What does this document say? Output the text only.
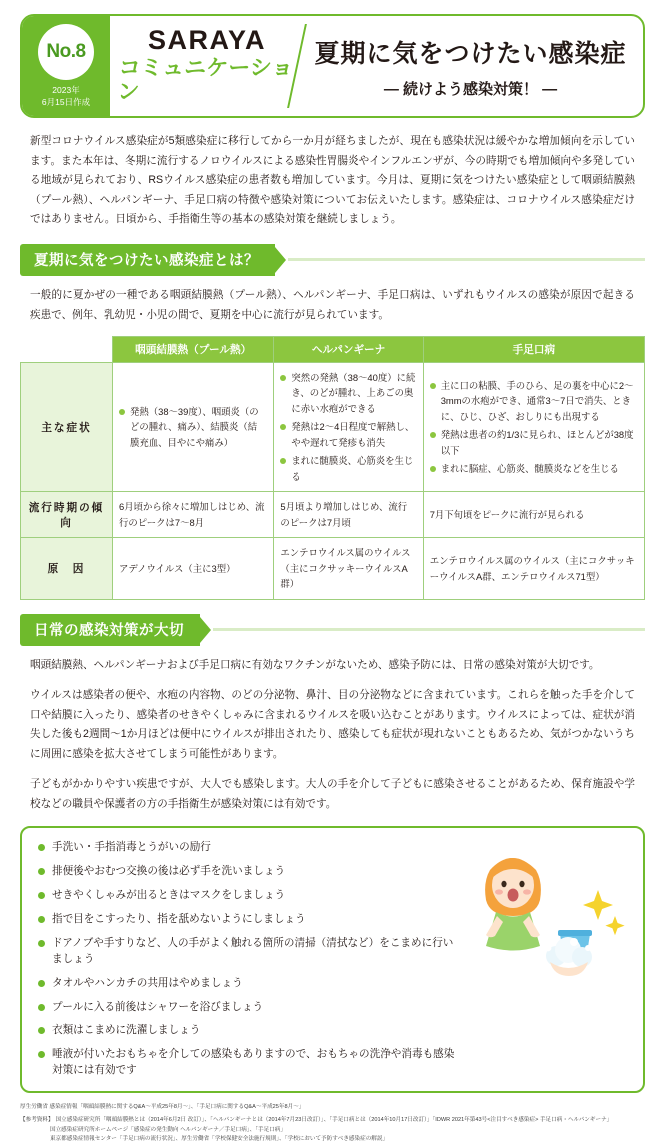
No.8
2023年
6月15日作成
SARAYA
コミュニケーション
夏期に気をつけたい感染症
— 続けよう感染対策！ —

新型コロナウイルス感染症が5類感染症に移行してから一か月が経ちましたが、現在も感染状況は緩やかな増加傾向を示しています。また本年は、冬期に流行するノロウイルスによる感染性胃腸炎やインフルエンザが、今の時期でも増加傾向や多発している地域が見られており、RSウイルス感染症の患者数も増加しています。今月は、夏期に気をつけたい感染症として咽頭結膜熱（プール熱）、ヘルパンギーナ、手足口病の特徴や感染対策についてお伝えいたします。感染症は、コロナウイルス感染症だけではありません。日頃から、手指衛生等の基本の感染対策を継続しましょう。

夏期に気をつけたい感染症とは？

一般的に夏かぜの一種である咽頭結膜熱（プール熱）、ヘルパンギーナ、手足口病は、いずれもウイルスの感染が原因で起きる疾患で、例年、乳幼児・小児の間で、夏期を中心に流行が見られています。

	咽頭結膜熱（プール熱）	ヘルパンギーナ	手足口病
主な症状	
発熱（38～39度）、咽頭炎（のどの腫れ、痛み）、結膜炎（結膜充血、目やにや痛み）

突然の発熱（38～40度）に続き、のどが腫れ、上あごの奥に赤い水疱ができる
発熱は2～4日程度で解熱し、やや遅れて発疹も消失
まれに髄膜炎、心筋炎を生じる

主に口の粘膜、手のひら、足の裏を中心に2～3mmの水疱ができ、通常3～7日で消失、ときに、ひじ、ひざ、おしりにも出現する
発熱は患者の約1/3に見られ、ほとんどが38度以下
まれに脳症、心筋炎、髄膜炎などを生じる

流行時期の傾向	6月頃から徐々に増加しはじめ、流行のピークは7～8月	5月頃より増加しはじめ、流行のピークは7月頃	7月下旬頃をピークに流行が見られる
原　因	アデノウイルス（主に3型）	エンテロウイルス属のウイルス（主にコクサッキーウイルスA群）	エンテロウイルス属のウイルス（主にコクサッキーウイルスA群、エンテロウイルス71型）
日常の感染対策が大切

咽頭結膜熱、ヘルパンギーナおよび手足口病に有効なワクチンがないため、感染予防には、日常の感染対策が大切です。

ウイルスは感染者の便や、水疱の内容物、のどの分泌物、鼻汁、目の分泌物などに含まれています。これらを触った手を介して口や結膜に入ったり、感染者のせきやくしゃみに含まれるウイルスを吸い込むことがあります。ウイルスによっては、症状が消失した後も2週間～1か月ほどは便中にウイルスが排出されたり、感染しても症状が現れないこともあるため、気がつかないうちに周囲に感染を拡大させてしまう可能性があります。

子どもがかかりやすい疾患ですが、大人でも感染します。大人の手を介して子どもに感染させることがあるため、保育施設や学校などの職員や保護者の方の手指衛生が感染対策には有効です。

手洗い・手指消毒とうがいの励行
排便後やおむつ交換の後は必ず手を洗いましょう
せきやくしゃみが出るときはマスクをしましょう
指で目をこすったり、指を舐めないようにしましょう
ドアノブや手すりなど、人の手がよく触れる箇所の清掃（清拭など）をこまめに行いましょう
タオルやハンカチの共用はやめましょう
プールに入る前後はシャワーを浴びましょう
衣類はこまめに洗濯しましょう
唾液が付いたおもちゃを介しての感染もありますので、おもちゃの洗浄や消毒も感染対策には有効です
厚生労働省 感染症情報「咽頭結膜熱に関するQ&A～平成25年8月～」、「手足口病に関するQ&A～平成25年8月～」
【参考資料】 国立感染症研究所「咽頭結膜熱とは（2014年6月2日 改訂）」、「ヘルパンギーナとは（2014年7月23日改訂）」、「手足口病とは（2014年10月17日改訂）」「IDWR 2021年第43号<注目すべき感染症> 手足口病・ヘルパンギーナ」

国立感染症研究所ホームページ「感染症の発生動向 ヘルパンギーナ／手足口病」、「手足口病」

東京都感染症情報センター「手足口病の流行状況」、厚生労働省「学校保健安全法施行規則」、「学校において予防すべき感染症の解説」
